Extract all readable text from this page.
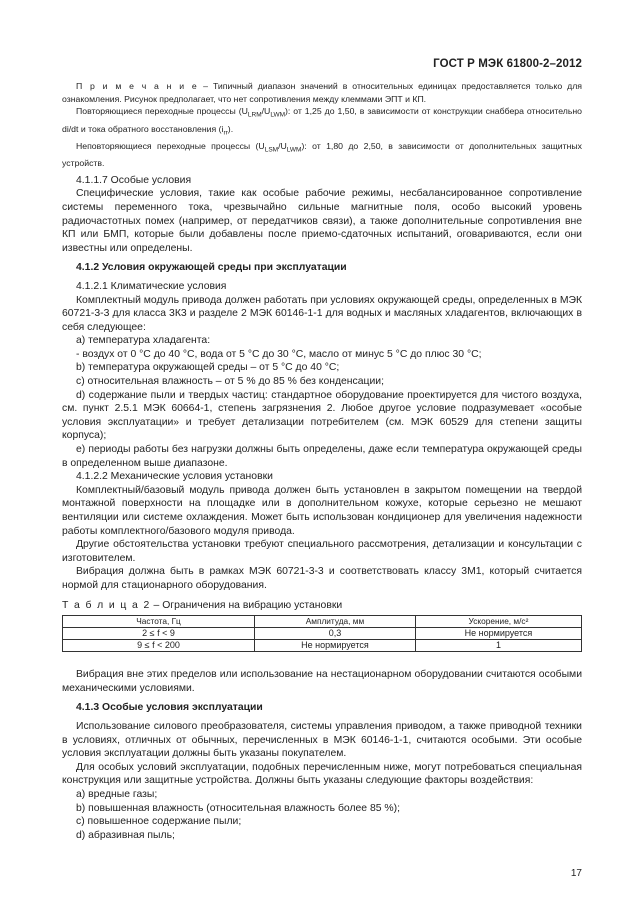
ГОСТ Р МЭК 61800-2–2012

П р и м е ч а н и е – Типичный диапазон значений в относительных единицах предоставляется только для ознакомления. Рисунок предполагает, что нет сопротивления между клеммами ЭПТ и КП.

Повторяющиеся переходные процессы $(U_{LRM}/U_{LWM})$: от 1,25 до 1,50, в зависимости от конструкции снаббера относительно di/dt и тока обратного восстановления $(i_{rr})$.

Неповторяющиеся переходные процессы $(U_{LSM}/U_{LWM})$: от 1,80 до 2,50, в зависимости от дополнительных защитных устройств.

4.1.1.7 Особые условия

Специфические условия, такие как особые рабочие режимы, несбалансированное сопротивление системы переменного тока, чрезвычайно сильные магнитные поля, особо высокий уровень радиочастотных помех (например, от передатчиков связи), а также дополнительные сопротивления вне КП или БМП, которые были добавлены после приемо-сдаточных испытаний, оговариваются, если они известны или определены.

4.1.2 Условия окружающей среды при эксплуатации

4.1.2.1 Климатические условия

Комплектный модуль привода должен работать при условиях окружающей среды, определенных в МЭК 60721-3-3 для класса 3К3 и разделе 2 МЭК 60146-1-1 для водных и масляных хладагентов, включающих в себя следующее:

a) температура хладагента:

- воздух от 0 °С до 40 °С, вода от 5 °С до 30 °С, масло от минус 5 °С до плюс 30 °С;

b) температура окружающей среды – от 5 °С до 40 °С;

c) относительная влажность – от 5 % до 85 % без конденсации;

d) содержание пыли и твердых частиц: стандартное оборудование проектируется для чистого воздуха, см. пункт 2.5.1 МЭК 60664-1, степень загрязнения 2. Любое другое условие подразумевает «особые условия эксплуатации» и требует детализации потребителем (см. МЭК 60529 для степени защиты корпуса);

e) периоды работы без нагрузки должны быть определены, даже если температура окружающей среды в определенном выше диапазоне.

4.1.2.2 Механические условия установки

Комплектный/базовый модуль привода должен быть установлен в закрытом помещении на твердой монтажной поверхности на площадке или в дополнительном кожухе, которые серьезно не мешают вентиляции или системе охлаждения. Может быть использован кондиционер для увеличения надежности работы комплектного/базового модуля привода.

Другие обстоятельства установки требуют специального рассмотрения, детализации и консультации с изготовителем.

Вибрация должна быть в рамках МЭК 60721-3-3 и соответствовать классу 3М1, который считается нормой для стационарного оборудования.

Т а б л и ц а 2 – Ограничения на вибрацию установки

Частота, Гц	Амплитуда, мм	Ускорение, м/с²
2 ≤ f < 9	0,3	Не нормируется
9 ≤ f < 200	Не нормируется	1

Вибрация вне этих пределов или использование на нестационарном оборудовании считаются особыми механическими условиями.

4.1.3 Особые условия эксплуатации

Использование силового преобразователя, системы управления приводом, а также приводной техники в условиях, отличных от обычных, перечисленных в МЭК 60146-1-1, считаются особыми. Эти особые условия эксплуатации должны быть указаны покупателем.

Для особых условий эксплуатации, подобных перечисленным ниже, могут потребоваться специальная конструкция или защитные устройства. Должны быть указаны следующие факторы воздействия:

a) вредные газы;

b) повышенная влажность (относительная влажность более 85 %);

c) повышенное содержание пыли;

d) абразивная пыль;

17
